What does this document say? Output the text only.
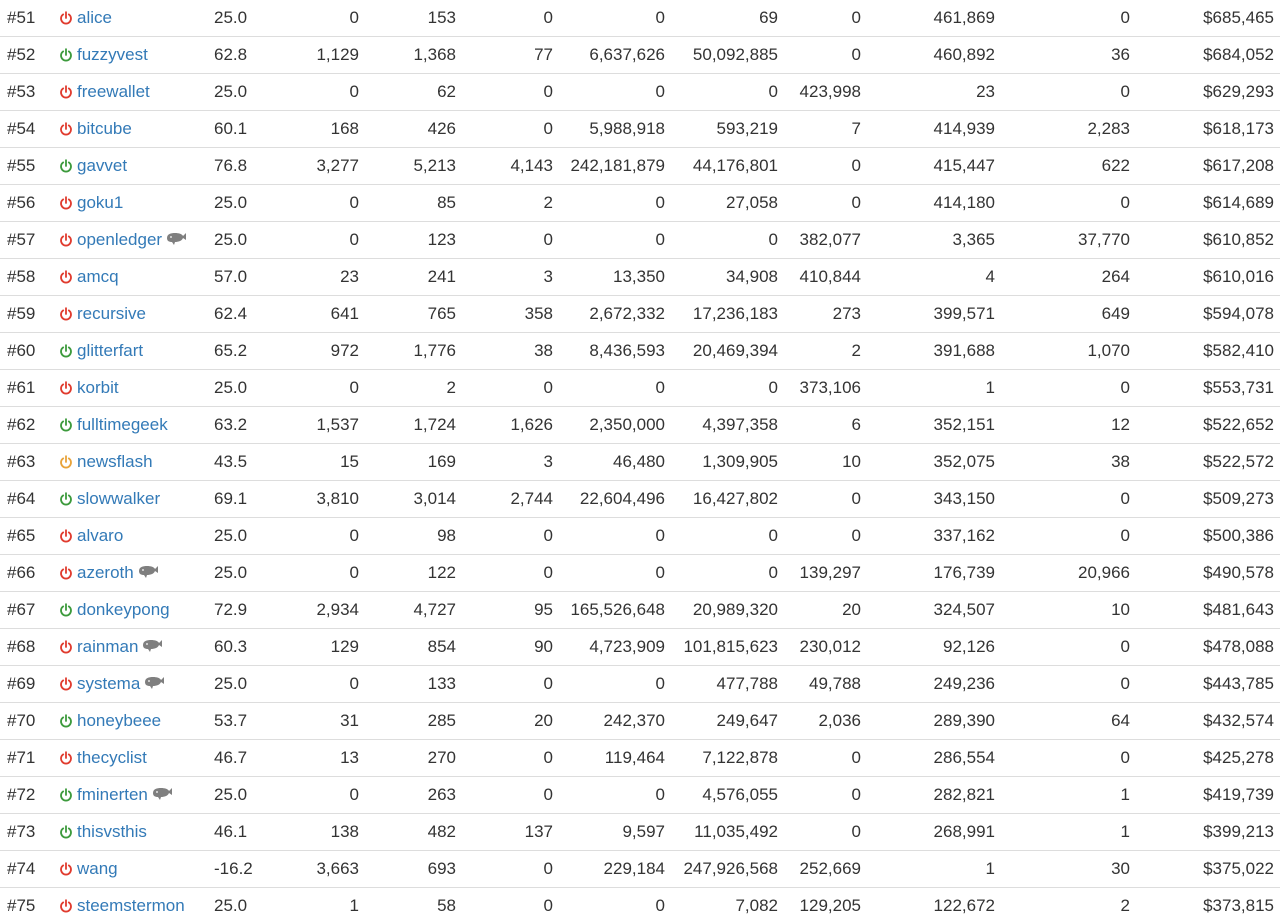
#51	alice	25.0	0	153	0	0	69	0	461,869	0	$685,465
#52	fuzzyvest	62.8	1,129	1,368	77	6,637,626	50,092,885	0	460,892	36	$684,052
#53	freewallet	25.0	0	62	0	0	0	423,998	23	0	$629,293
#54	bitcube	60.1	168	426	0	5,988,918	593,219	7	414,939	2,283	$618,173
#55	gavvet	76.8	3,277	5,213	4,143	242,181,879	44,176,801	0	415,447	622	$617,208
#56	goku1	25.0	0	85	2	0	27,058	0	414,180	0	$614,689
#57	openledger	25.0	0	123	0	0	0	382,077	3,365	37,770	$610,852
#58	amcq	57.0	23	241	3	13,350	34,908	410,844	4	264	$610,016
#59	recursive	62.4	641	765	358	2,672,332	17,236,183	273	399,571	649	$594,078
#60	glitterfart	65.2	972	1,776	38	8,436,593	20,469,394	2	391,688	1,070	$582,410
#61	korbit	25.0	0	2	0	0	0	373,106	1	0	$553,731
#62	fulltimegeek	63.2	1,537	1,724	1,626	2,350,000	4,397,358	6	352,151	12	$522,652
#63	newsflash	43.5	15	169	3	46,480	1,309,905	10	352,075	38	$522,572
#64	slowwalker	69.1	3,810	3,014	2,744	22,604,496	16,427,802	0	343,150	0	$509,273
#65	alvaro	25.0	0	98	0	0	0	0	337,162	0	$500,386
#66	azeroth	25.0	0	122	0	0	0	139,297	176,739	20,966	$490,578
#67	donkeypong	72.9	2,934	4,727	95	165,526,648	20,989,320	20	324,507	10	$481,643
#68	rainman	60.3	129	854	90	4,723,909	101,815,623	230,012	92,126	0	$478,088
#69	systema	25.0	0	133	0	0	477,788	49,788	249,236	0	$443,785
#70	honeybeee	53.7	31	285	20	242,370	249,647	2,036	289,390	64	$432,574
#71	thecyclist	46.7	13	270	0	119,464	7,122,878	0	286,554	0	$425,278
#72	fminerten	25.0	0	263	0	0	4,576,055	0	282,821	1	$419,739
#73	thisvsthis	46.1	138	482	137	9,597	11,035,492	0	268,991	1	$399,213
#74	wang	-16.2	3,663	693	0	229,184	247,926,568	252,669	1	30	$375,022
#75	steemstermon	25.0	1	58	0	0	7,082	129,205	122,672	2	$373,815
